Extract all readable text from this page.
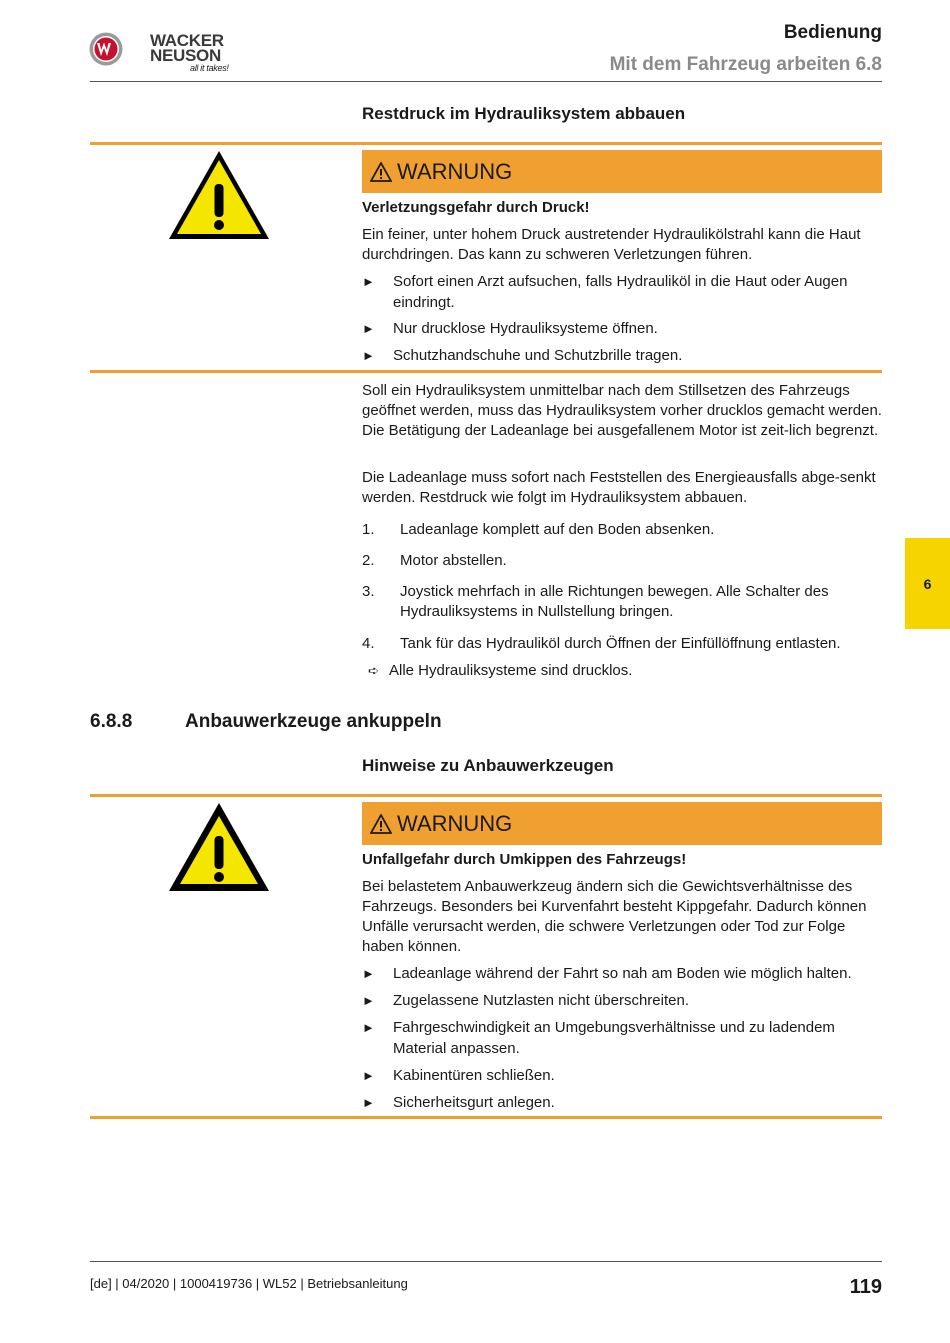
WACKER
NEUSON
all it takes!
Bedienung
Mit dem Fahrzeug arbeiten 6.8
Restdruck im Hydrauliksystem abbauen
WARNUNG
Verletzungsgefahr durch Druck!
Ein feiner, unter hohem Druck austretender Hydraulikölstrahl kann die Haut durchdringen. Das kann zu schweren Verletzungen führen.
► Sofort einen Arzt aufsuchen, falls Hydrauliköl in die Haut oder Augen eindringt.
► Nur drucklose Hydrauliksysteme öffnen.
► Schutzhandschuhe und Schutzbrille tragen.
Soll ein Hydrauliksystem unmittelbar nach dem Stillsetzen des Fahrzeugs geöffnet werden, muss das Hydrauliksystem vorher drucklos gemacht werden. Die Betätigung der Ladeanlage bei ausgefallenem Motor ist zeit-lich begrenzt.
Die Ladeanlage muss sofort nach Feststellen des Energieausfalls abge-senkt werden. Restdruck wie folgt im Hydrauliksystem abbauen.
1. Ladeanlage komplett auf den Boden absenken.
2. Motor abstellen.
3. Joystick mehrfach in alle Richtungen bewegen. Alle Schalter des Hydrauliksystems in Nullstellung bringen.
4. Tank für das Hydrauliköl durch Öffnen der Einfüllöffnung entlasten.
➪ Alle Hydrauliksysteme sind drucklos.
6.8.8	Anbauwerkzeuge ankuppeln
Hinweise zu Anbauwerkzeugen
WARNUNG
Unfallgefahr durch Umkippen des Fahrzeugs!
Bei belastetem Anbauwerkzeug ändern sich die Gewichtsverhältnisse des Fahrzeugs. Besonders bei Kurvenfahrt besteht Kippgefahr. Dadurch können Unfälle verursacht werden, die schwere Verletzungen oder Tod zur Folge haben können.
► Ladeanlage während der Fahrt so nah am Boden wie möglich halten.
► Zugelassene Nutzlasten nicht überschreiten.
► Fahrgeschwindigkeit an Umgebungsverhältnisse und zu ladendem Material anpassen.
► Kabinentüren schließen.
► Sicherheitsgurt anlegen.
6
[de] | 04/2020 | 1000419736 | WL52 | Betriebsanleitung	119
